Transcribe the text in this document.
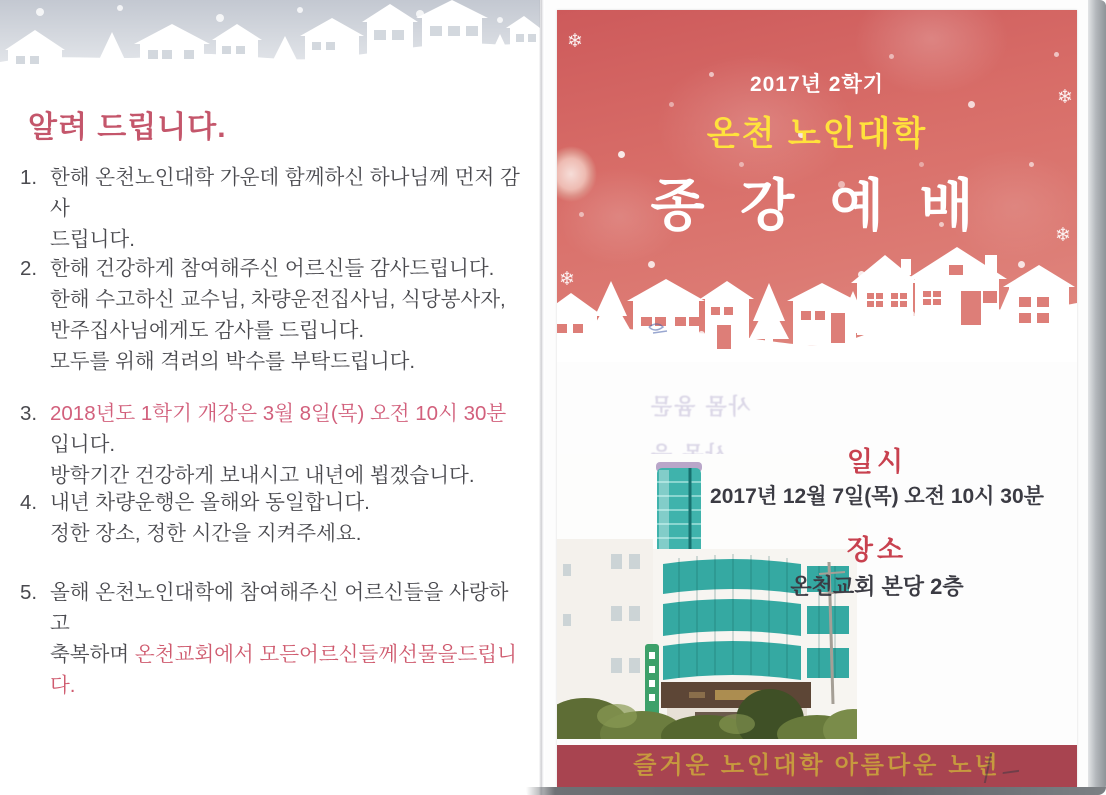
알려 드립니다.
1. 한해 온천노인대학 가운데 함께하신 하나님께 먼저 감사
드립니다.
2. 한해 건강하게 참여해주신 어르신들 감사드립니다.
한해 수고하신 교수님, 차량운전집사님, 식당봉사자,
반주집사님에게도 감사를 드립니다.
모두를 위해 격려의 박수를 부탁드립니다.
3. 2018년도 1학기 개강은 3월 8일(목) 오전 10시 30분입니다.
방학기간 건강하게 보내시고 내년에 뵙겠습니다.
4. 내년 차량운행은 올해와 동일합니다.
정한 장소, 정한 시간을 지켜주세요.
5. 올해 온천노인대학에 참여해주신 어르신들을 사랑하고
축복하며 온천교회에서 모든어르신들께선물을드립니다.
❄
❄
❄
❄
2017년 2학기
온천 노인대학
종 강 예 배
사몸 윰문
일시
2017년 12월 7일(목) 오전 10시 30분
장소
온천교회 본당 2층
즐거운 노인대학 아름다운 노년
